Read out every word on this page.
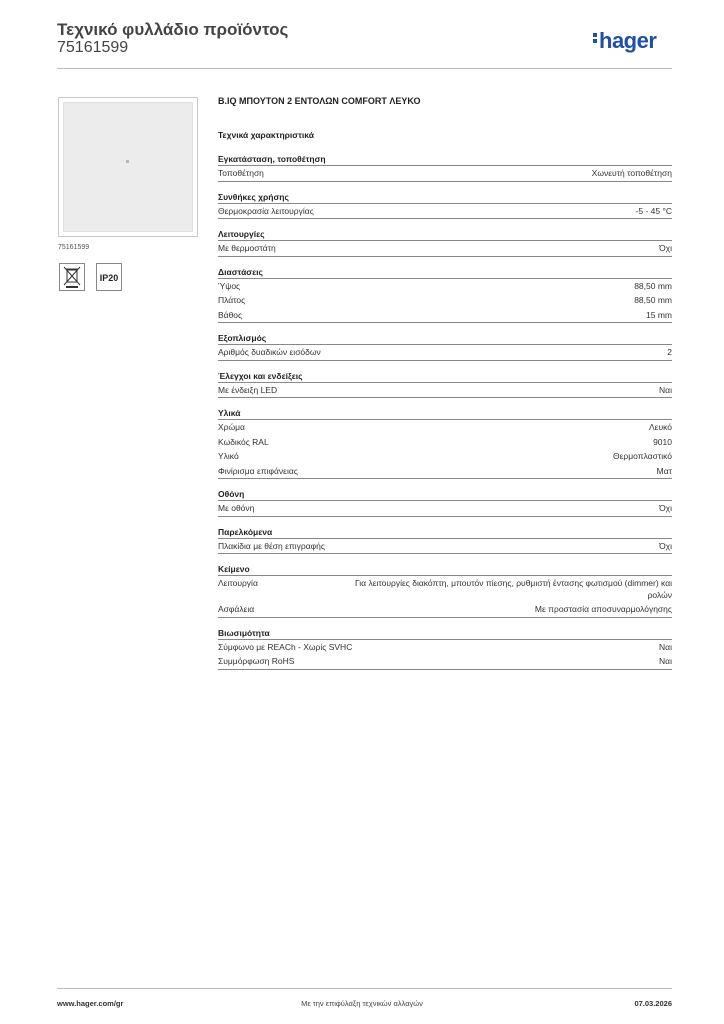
Τεχνικό φυλλάδιο προϊόντος
75161599	hager
75161599
IP20
B.IQ ΜΠΟΥΤΟΝ 2 ΕΝΤΟΛΩΝ COMFORT ΛΕΥΚΟ
Τεχνικά χαρακτηριστικά
Εγκατάσταση, τοποθέτηση
Τοποθέτηση	Χωνευτή τοποθέτηση
Συνθήκες χρήσης
Θερμοκρασία λειτουργίας	-5 - 45 °C
Λειτουργίες
Με θερμοστάτη	Όχι
Διαστάσεις
Ύψος	88,50 mm
Πλάτος	88,50 mm
Βάθος	15 mm
Εξοπλισμός
Αριθμός δυαδικών εισόδων	2
Έλεγχοι και ενδείξεις
Με ένδειξη LED	Ναι
Υλικά
Χρώμα	Λευκό
Κωδικός RAL	9010
Υλικό	Θερμοπλαστικό
Φινίρισμα επιφάνειας	Ματ
Οθόνη
Με οθόνη	Όχι
Παρελκόμενα
Πλακίδια με θέση επιγραφής	Όχι
Κείμενο
Λειτουργία	Για λειτουργίες διακόπτη, μπουτόν πίεσης, ρυθμιστή έντασης φωτισμού (dimmer) και ρολών
Ασφάλεια	Με προστασία αποσυναρμολόγησης
Βιωσιμότητα
Σύμφωνο με REACh - Χωρίς SVHC	Ναι
Συμμόρφωση RoHS	Ναι
www.hager.com/gr	Με την επιφύλαξη τεχνικών αλλαγών	07.03.2026
